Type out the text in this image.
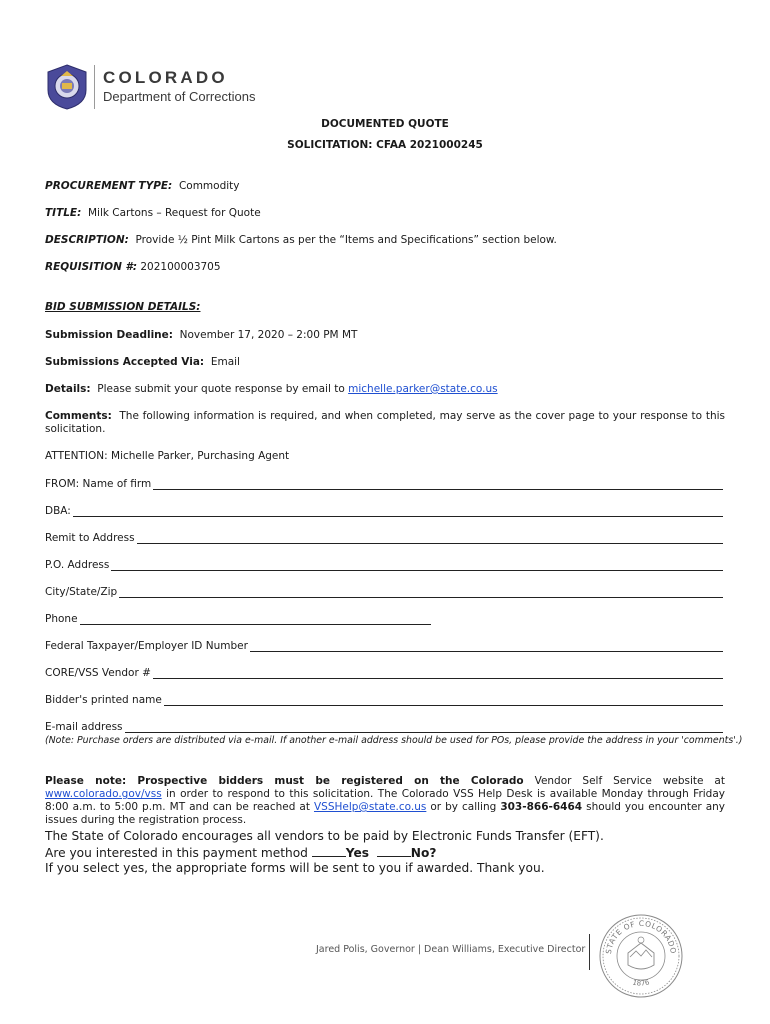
COLORADO
Department of Corrections
DOCUMENTED QUOTE
SOLICITATION: CFAA 2021000245
PROCUREMENT TYPE: Commodity
TITLE: Milk Cartons – Request for Quote
DESCRIPTION: Provide ½ Pint Milk Cartons as per the “Items and Specifications” section below.
REQUISITION #: 202100003705
BID SUBMISSION DETAILS:
Submission Deadline: November 17, 2020 – 2:00 PM MT
Submissions Accepted Via: Email
Details: Please submit your quote response by email to michelle.parker@state.co.us
Comments: The following information is required, and when completed, may serve as the cover page to your response to this solicitation.
ATTENTION: Michelle Parker, Purchasing Agent
FROM: Name of firm
DBA:
Remit to Address
P.O. Address
City/State/Zip
Phone
Federal Taxpayer/Employer ID Number
CORE/VSS Vendor #
Bidder's printed name
E-mail address
(Note: Purchase orders are distributed via e-mail. If another e-mail address should be used for POs, please provide the address in your 'comments'.)
Please note: Prospective bidders must be registered on the Colorado Vendor Self Service website at www.colorado.gov/vss in order to respond to this solicitation. The Colorado VSS Help Desk is available Monday through Friday 8:00 a.m. to 5:00 p.m. MT and can be reached at VSSHelp@state.co.us or by calling 303-866-6464 should you encounter any issues during the registration process.
The State of Colorado encourages all vendors to be paid by Electronic Funds Transfer (EFT).
Are you interested in this payment method	Yes	No?
If you select yes, the appropriate forms will be sent to you if awarded. Thank you.
Jared Polis, Governor | Dean Williams, Executive Director STATE OF COLORADO
1876
